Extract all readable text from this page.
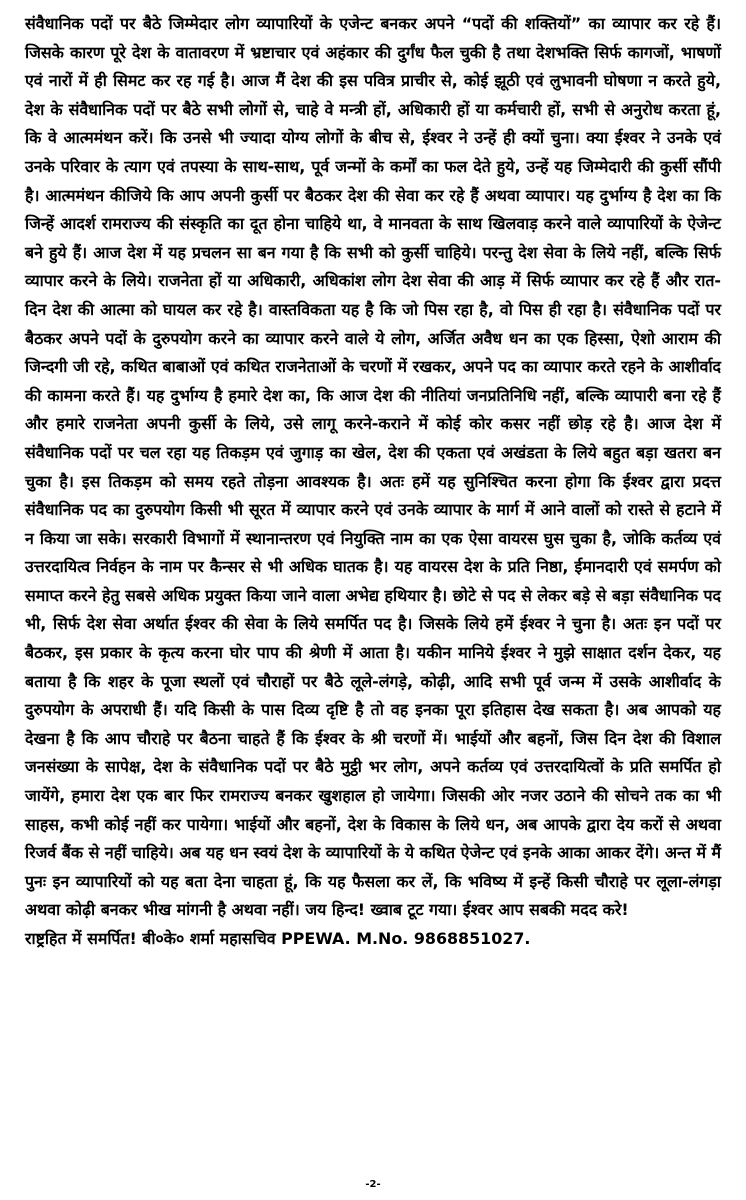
संवैधानिक पदों पर बैठे जिम्मेदार लोग व्यापारियों के एजेन्ट बनकर अपने “पदों की शक्तियों” का व्यापार कर रहे हैं। जिसके कारण पूरे देश के वातावरण में भ्रष्टाचार एवं अहंकार की दुर्गंध फैल चुकी है तथा देशभक्ति सिर्फ कागजों, भाषणों एवं नारों में ही सिमट कर रह गई है। आज मैं देश की इस पवित्र प्राचीर से, कोई झूठी एवं लुभावनी घोषणा न करते हुये, देश के संवैधानिक पदों पर बैठे सभी लोगों से, चाहे वे मन्त्री हों, अधिकारी हों या कर्मचारी हों, सभी से अनुरोध करता हूं, कि वे आत्ममंथन करें। कि उनसे भी ज्यादा योग्य लोगों के बीच से, ईश्वर ने उन्हें ही क्यों चुना। क्या ईश्वर ने उनके एवं उनके परिवार के त्याग एवं तपस्या के साथ-साथ, पूर्व जन्मों के कर्मों का फल देते हुये, उन्हें यह जिम्मेदारी की कुर्सी सौंपी है। आत्ममंथन कीजिये कि आप अपनी कुर्सी पर बैठकर देश की सेवा कर रहे हैं अथवा व्यापार। यह दुर्भाग्य है देश का कि जिन्हें आदर्श रामराज्य की संस्कृति का दूत होना चाहिये था, वे मानवता के साथ खिलवाड़ करने वाले व्यापारियों के ऐजेन्ट बने हुये हैं। आज देश में यह प्रचलन सा बन गया है कि सभी को कुर्सी चाहिये। परन्तु देश सेवा के लिये नहीं, बल्कि सिर्फ व्यापार करने के लिये। राजनेता हों या अधिकारी, अधिकांश लोग देश सेवा की आड़ में सिर्फ व्यापार कर रहे हैं और रात-दिन देश की आत्मा को घायल कर रहे है। वास्तविकता यह है कि जो पिस रहा है, वो पिस ही रहा है। संवैधानिक पदों पर बैठकर अपने पदों के दुरुपयोग करने का व्यापार करने वाले ये लोग, अर्जित अवैध धन का एक हिस्सा, ऐशो आराम की जिन्दगी जी रहे, कथित बाबाओं एवं कथित राजनेताओं के चरणों में रखकर, अपने पद का व्यापार करते रहने के आशीर्वाद की कामना करते हैं। यह दुर्भाग्य है हमारे देश का, कि आज देश की नीतियां जनप्रतिनिधि नहीं, बल्कि व्यापारी बना रहे हैं और हमारे राजनेता अपनी कुर्सी के लिये, उसे लागू करने-कराने में कोई कोर कसर नहीं छोड़ रहे है। आज देश में संवैधानिक पदों पर चल रहा यह तिकड़म एवं जुगाड़ का खेल, देश की एकता एवं अखंडता के लिये बहुत बड़ा खतरा बन चुका है। इस तिकड़म को समय रहते तोड़ना आवश्यक है। अतः हमें यह सुनिश्चित करना होगा कि ईश्वर द्वारा प्रदत्त संवैधानिक पद का दुरुपयोग किसी भी सूरत में व्यापार करने एवं उनके व्यापार के मार्ग में आने वालों को रास्ते से हटाने में न किया जा सके। सरकारी विभागों में स्थानान्तरण एवं नियुक्ति नाम का एक ऐसा वायरस घुस चुका है, जोकि कर्तव्य एवं उत्तरदायित्व निर्वहन के नाम पर कैन्सर से भी अधिक घातक है। यह वायरस देश के प्रति निष्ठा, ईमानदारी एवं समर्पण को समाप्त करने हेतु सबसे अधिक प्रयुक्त किया जाने वाला अभेद्य हथियार है। छोटे से पद से लेकर बड़े से बड़ा संवैधानिक पद भी, सिर्फ देश सेवा अर्थात ईश्वर की सेवा के लिये समर्पित पद है। जिसके लिये हमें ईश्वर ने चुना है। अतः इन पदों पर बैठकर, इस प्रकार के कृत्य करना घोर पाप की श्रेणी में आता है। यकीन मानिये ईश्वर ने मुझे साक्षात दर्शन देकर, यह बताया है कि शहर के पूजा स्थलों एवं चौराहों पर बैठे लूले-लंगड़े, कोढ़ी, आदि सभी पूर्व जन्म में उसके आशीर्वाद के दुरुपयोग के अपराधी हैं। यदि किसी के पास दिव्य दृष्टि है तो वह इनका पूरा इतिहास देख सकता है। अब आपको यह देखना है कि आप चौराहे पर बैठना चाहते हैं कि ईश्वर के श्री चरणों में। भाईयों और बहनों, जिस दिन देश की विशाल जनसंख्या के सापेक्ष, देश के संवैधानिक पदों पर बैठे मुट्ठी भर लोग, अपने कर्तव्य एवं उत्तरदायित्वों के प्रति समर्पित हो जायेंगे, हमारा देश एक बार फिर रामराज्य बनकर खुशहाल हो जायेगा। जिसकी ओर नजर उठाने की सोचने तक का भी साहस, कभी कोई नहीं कर पायेगा। भाईयों और बहनों, देश के विकास के लिये धन, अब आपके द्वारा देय करों से अथवा रिजर्व बैंक से नहीं चाहिये। अब यह धन स्वयं देश के व्यापारियों के ये कथित ऐजेन्ट एवं इनके आका आकर देंगे। अन्त में मैं पुनः इन व्यापारियों को यह बता देना चाहता हूं, कि यह फैसला कर लें, कि भविष्य में इन्हें किसी चौराहे पर लूला-लंगड़ा अथवा कोढ़ी बनकर भीख मांगनी है अथवा नहीं। जय हिन्द! ख्वाब टूट गया। ईश्वर आप सबकी मदद करे!

राष्ट्रहित में समर्पित! बी०के० शर्मा महासचिव PPEWA. M.No. 9868851027.

-2-
